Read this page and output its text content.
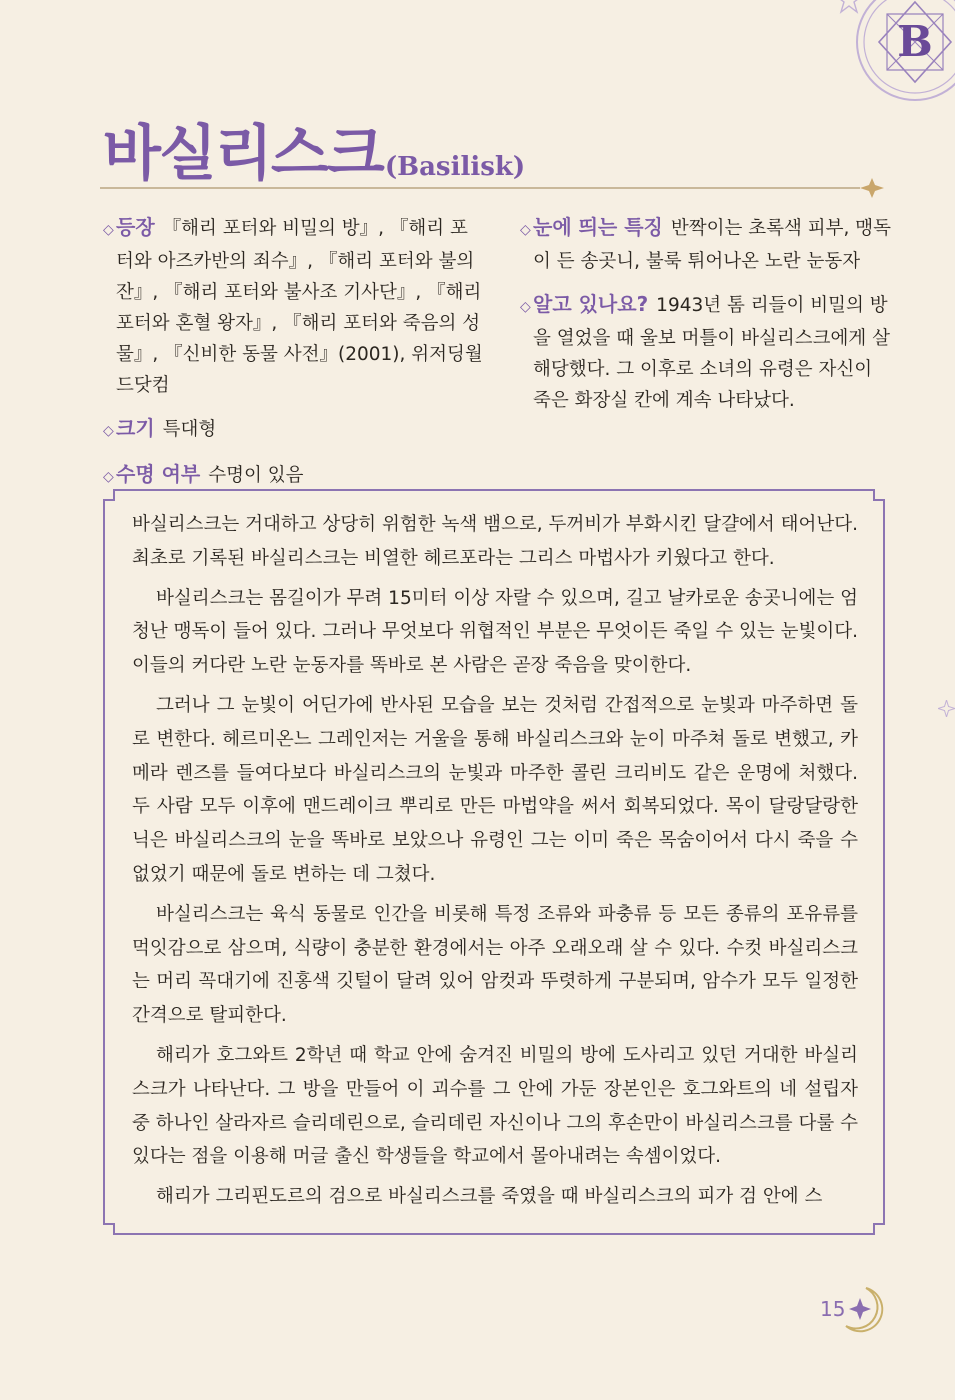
B
바실리스크(Basilisk)
◇ 등장 『해리 포터와 비밀의 방』, 『해리 포터와 아즈카반의 죄수』, 『해리 포터와 불의 잔』, 『해리 포터와 불사조 기사단』, 『해리 포터와 혼혈 왕자』, 『해리 포터와 죽음의 성물』, 『신비한 동물 사전』(2001), 위저딩월드닷컴
◇ 크기 특대형
◇ 수명 여부 수명이 있음
◇ 눈에 띄는 특징 반짝이는 초록색 피부, 맹독이 든 송곳니, 불룩 튀어나온 노란 눈동자
◇ 알고 있나요? 1943년 톰 리들이 비밀의 방을 열었을 때 울보 머틀이 바실리스크에게 살해당했다. 그 이후로 소녀의 유령은 자신이 죽은 화장실 칸에 계속 나타났다.

바실리스크는 거대하고 상당히 위험한 녹색 뱀으로, 두꺼비가 부화시킨 달걀에서 태어난다. 최초로 기록된 바실리스크는 비열한 헤르포라는 그리스 마법사가 키웠다고 한다.

바실리스크는 몸길이가 무려 15미터 이상 자랄 수 있으며, 길고 날카로운 송곳니에는 엄청난 맹독이 들어 있다. 그러나 무엇보다 위협적인 부분은 무엇이든 죽일 수 있는 눈빛이다. 이들의 커다란 노란 눈동자를 똑바로 본 사람은 곧장 죽음을 맞이한다.

그러나 그 눈빛이 어딘가에 반사된 모습을 보는 것처럼 간접적으로 눈빛과 마주하면 돌로 변한다. 헤르미온느 그레인저는 거울을 통해 바실리스크와 눈이 마주쳐 돌로 변했고, 카메라 렌즈를 들여다보다 바실리스크의 눈빛과 마주한 콜린 크리비도 같은 운명에 처했다. 두 사람 모두 이후에 맨드레이크 뿌리로 만든 마법약을 써서 회복되었다. 목이 달랑달랑한 닉은 바실리스크의 눈을 똑바로 보았으나 유령인 그는 이미 죽은 목숨이어서 다시 죽을 수 없었기 때문에 돌로 변하는 데 그쳤다.

바실리스크는 육식 동물로 인간을 비롯해 특정 조류와 파충류 등 모든 종류의 포유류를 먹잇감으로 삼으며, 식량이 충분한 환경에서는 아주 오래오래 살 수 있다. 수컷 바실리스크는 머리 꼭대기에 진홍색 깃털이 달려 있어 암컷과 뚜렷하게 구분되며, 암수가 모두 일정한 간격으로 탈피한다.

해리가 호그와트 2학년 때 학교 안에 숨겨진 비밀의 방에 도사리고 있던 거대한 바실리스크가 나타난다. 그 방을 만들어 이 괴수를 그 안에 가둔 장본인은 호그와트의 네 설립자 중 하나인 살라자르 슬리데린으로, 슬리데린 자신이나 그의 후손만이 바실리스크를 다룰 수 있다는 점을 이용해 머글 출신 학생들을 학교에서 몰아내려는 속셈이었다.

해리가 그리핀도르의 검으로 바실리스크를 죽였을 때 바실리스크의 피가 검 안에 스

15
